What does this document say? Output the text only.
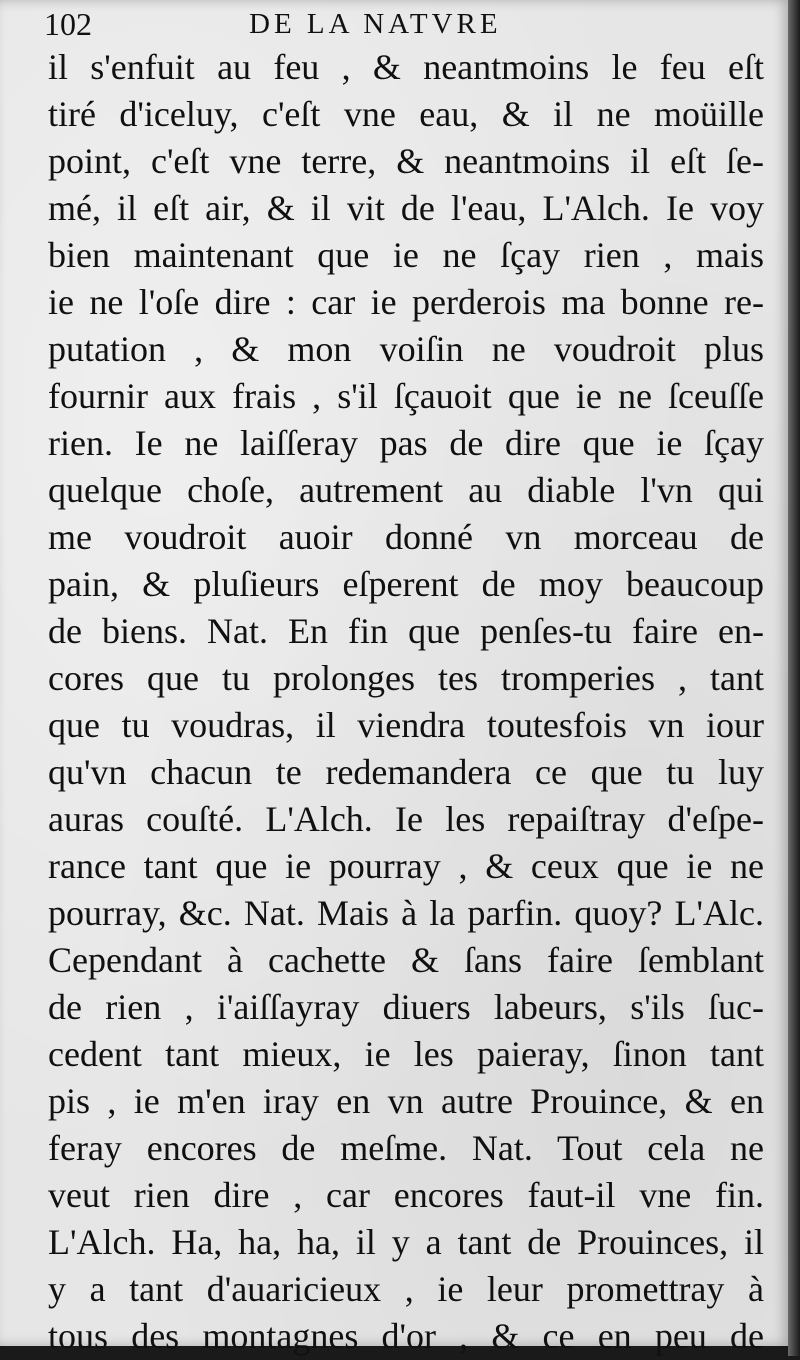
102	DE LA NATVRE
il s'enfuit au feu , & neantmoins le feu eſt
tiré d'iceluy, c'eſt vne eau, & il ne moüille
point, c'eſt vne terre, & neantmoins il eſt ſe-
mé, il eſt air, & il vit de l'eau, L'Alch. Ie voy
bien maintenant que ie ne ſçay rien , mais
ie ne l'oſe dire : car ie perderois ma bonne re-
putation , & mon voiſin ne voudroit plus
fournir aux frais , s'il ſçauoit que ie ne ſceuſſe
rien. Ie ne laiſſeray pas de dire que ie ſçay
quelque choſe, autrement au diable l'vn qui
me voudroit auoir donné vn morceau de
pain, & pluſieurs eſperent de moy beaucoup
de biens. Nat. En fin que penſes-tu faire en-
cores que tu prolonges tes tromperies , tant
que tu voudras, il viendra toutesfois vn iour
qu'vn chacun te redemandera ce que tu luy
auras couſté. L'Alch. Ie les repaiſtray d'eſpe-
rance tant que ie pourray , & ceux que ie ne
pourray, &c. Nat. Mais à la parfin. quoy? L'Alc.
Cependant à cachette & ſans faire ſemblant
de rien , i'aiſſayray diuers labeurs, s'ils ſuc-
cedent tant mieux, ie les paieray, ſinon tant
pis , ie m'en iray en vn autre Prouince, & en
feray encores de meſme. Nat. Tout cela ne
veut rien dire , car encores faut-il vne fin.
L'Alch. Ha, ha, ha, il y a tant de Prouinces, il
y a tant d'auaricieux , ie leur promettray à
tous des montagnes d'or , & ce en peu de
